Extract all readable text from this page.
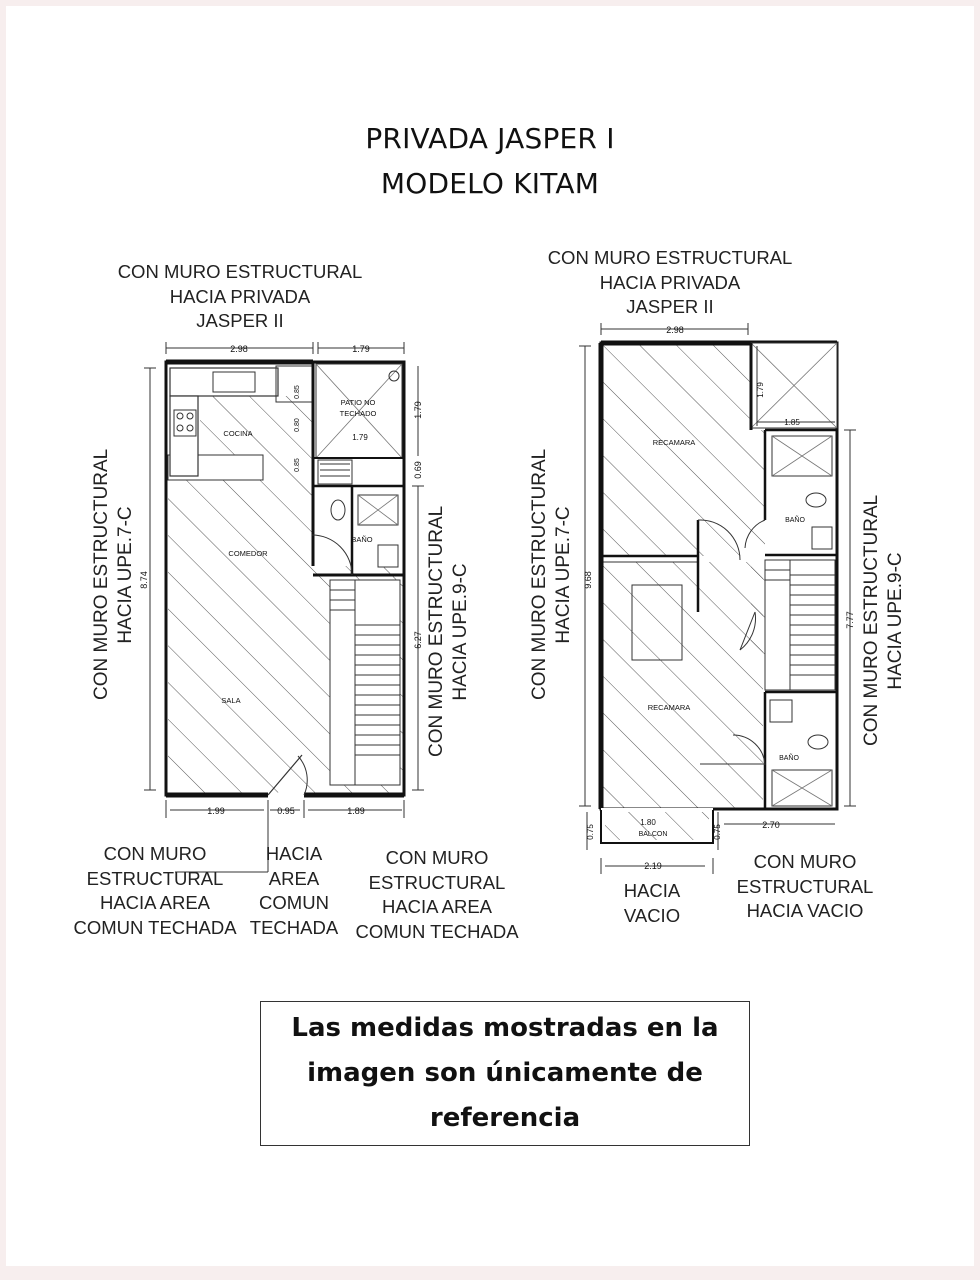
PRIVADA JASPER I
MODELO KITAM
2.98	1.79
8.74
1.79
0.69
6.27
1.79
0.85
0.80
0.85
1.99	0.95	1.89
COCINA
COMEDOR
SALA
BAÑO
PATIO NO
TECHADO
2.98
9.68
7.77
1.79
1.85
2.70
1.80
0.75	0.75
2.19
RECAMARA
RECAMARA
BAÑO
BAÑO
BALCON
CON MURO ESTRUCTURAL
HACIA PRIVADA
JASPER II
CON MURO ESTRUCTURAL HACIA UPE.7-C	CON MURO ESTRUCTURAL HACIA UPE.9-C
CON MURO
ESTRUCTURAL
HACIA AREA
COMUN TECHADA
HACIA
AREA
COMUN
TECHADA
CON MURO
ESTRUCTURAL
HACIA AREA
COMUN TECHADA
CON MURO ESTRUCTURAL
HACIA PRIVADA
JASPER II
CON MURO ESTRUCTURAL HACIA UPE.7-C	CON MURO ESTRUCTURAL HACIA UPE.9-C
HACIA
VACIO
CON MURO
ESTRUCTURAL
HACIA VACIO
Las medidas mostradas en la imagen son únicamente de referencia
